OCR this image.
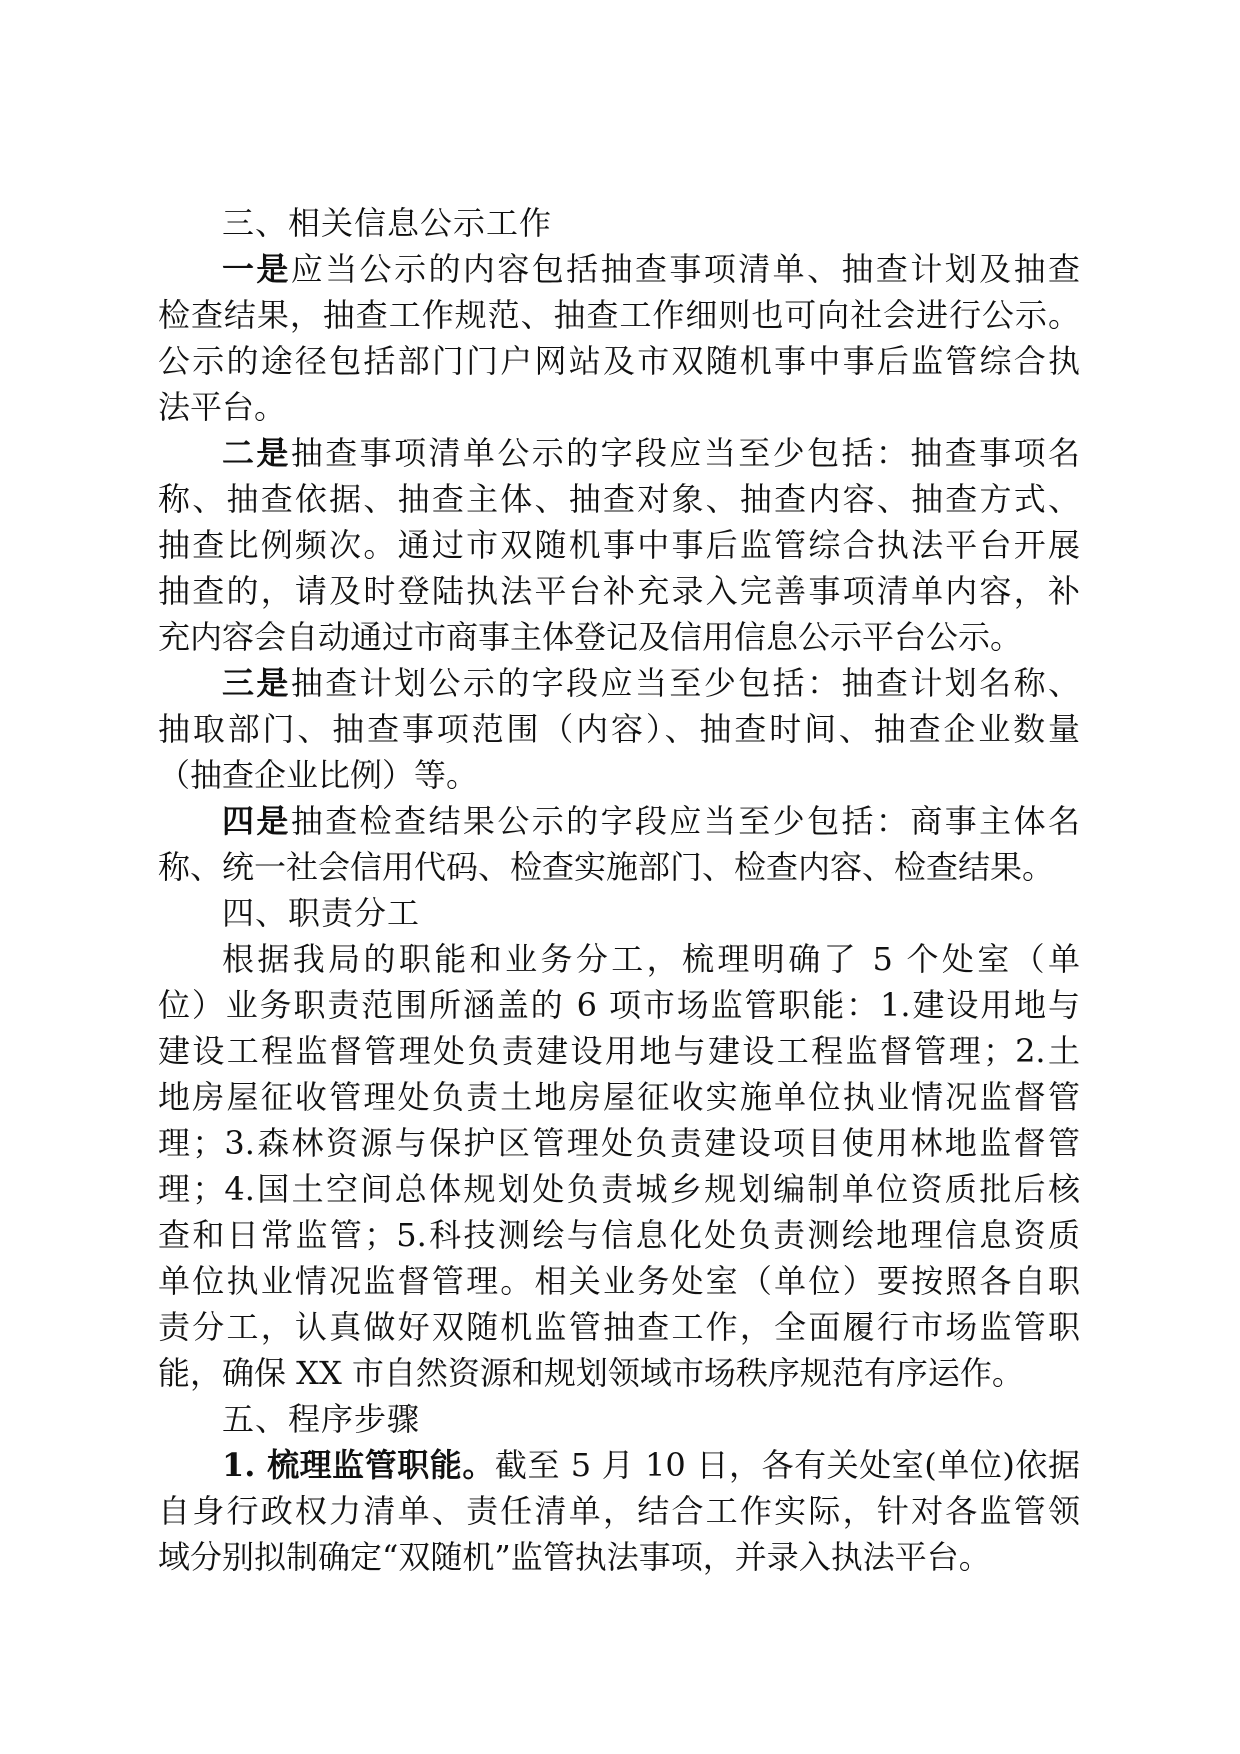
三、相关信息公示工作
一是应当公示的内容包括抽查事项清单、抽查计划及抽查
检查结果，抽查工作规范、抽查工作细则也可向社会进行公示。
公示的途径包括部门门户网站及市双随机事中事后监管综合执
法平台。
二是抽查事项清单公示的字段应当至少包括：抽查事项名
称、抽查依据、抽查主体、抽查对象、抽查内容、抽查方式、
抽查比例频次。通过市双随机事中事后监管综合执法平台开展
抽查的，请及时登陆执法平台补充录入完善事项清单内容，补
充内容会自动通过市商事主体登记及信用信息公示平台公示。
三是抽查计划公示的字段应当至少包括：抽查计划名称、
抽取部门、抽查事项范围（内容）、抽查时间、抽查企业数量
（抽查企业比例）等。
四是抽查检查结果公示的字段应当至少包括：商事主体名
称、统一社会信用代码、检查实施部门、检查内容、检查结果。
四、职责分工
根据我局的职能和业务分工，梳理明确了 5 个处室（单
位）业务职责范围所涵盖的 6 项市场监管职能：1.建设用地与
建设工程监督管理处负责建设用地与建设工程监督管理；2.土
地房屋征收管理处负责土地房屋征收实施单位执业情况监督管
理；3.森林资源与保护区管理处负责建设项目使用林地监督管
理；4.国土空间总体规划处负责城乡规划编制单位资质批后核
查和日常监管；5.科技测绘与信息化处负责测绘地理信息资质
单位执业情况监督管理。相关业务处室（单位）要按照各自职
责分工，认真做好双随机监管抽查工作，全面履行市场监管职
能，确保 XX 市自然资源和规划领域市场秩序规范有序运作。
五、程序步骤
1. 梳理监管职能。截至 5 月 10 日，各有关处室(单位)依据
自身行政权力清单、责任清单，结合工作实际，针对各监管领
域分别拟制确定“双随机”监管执法事项，并录入执法平台。
